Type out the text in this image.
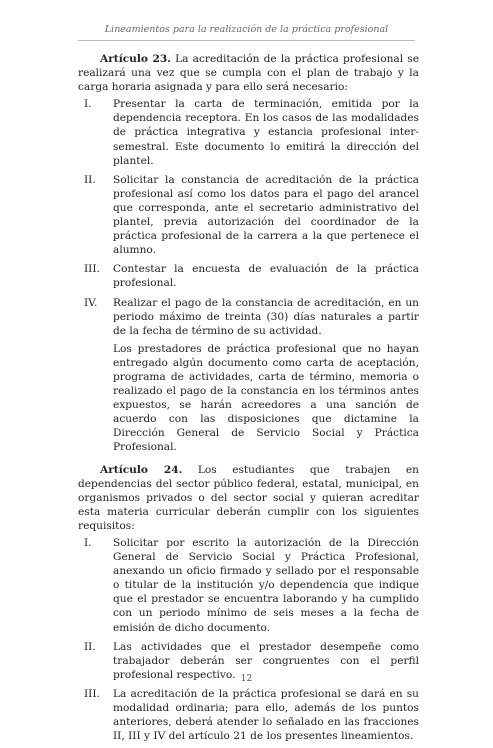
Lineamientos para la realización de la práctica profesional

Artículo 23. La acreditación de la práctica profesional se realizará una vez que se cumpla con el plan de trabajo y la carga horaria asignada y para ello será necesario:

I.	Presentar la carta de terminación, emitida por la dependencia receptora. En los casos de las modalidades de práctica integrativa y estancia profesional inter-semestral. Este documento lo emitirá la dirección del plantel.
II.	Solicitar la constancia de acreditación de la práctica profesional así como los datos para el pago del arancel que corresponda, ante el secretario administrativo del plantel, previa autorización del coordinador de la práctica profesional de la carrera a la que pertenece el alumno.
III.	Contestar la encuesta de evaluación de la práctica profesional.
IV.	Realizar el pago de la constancia de acreditación, en un periodo máximo de treinta (30) días naturales a partir de la fecha de término de su actividad.

Los prestadores de práctica profesional que no hayan entregado algún documento como carta de aceptación, programa de actividades, carta de término, memoria o realizado el pago de la constancia en los términos antes expuestos, se harán acreedores a una sanción de acuerdo con las disposiciones que dictamine la Dirección General de Servicio Social y Práctica Profesional.

Artículo 24. Los estudiantes que trabajen en dependencias del sector público federal, estatal, municipal, en organismos privados o del sector social y quieran acreditar esta materia curricular deberán cumplir con los siguientes requisitos:

I.	Solicitar por escrito la autorización de la Dirección General de Servicio Social y Práctica Profesional, anexando un oficio firmado y sellado por el responsable o titular de la institución y/o dependencia que indique que el prestador se encuentra laborando y ha cumplido con un periodo mínimo de seis meses a la fecha de emisión de dicho documento.
II.	Las actividades que el prestador desempeñe como trabajador deberán ser congruentes con el perfil profesional respectivo.
III.	La acreditación de la práctica profesional se dará en su modalidad ordinaria; para ello, además de los puntos anteriores, deberá atender lo señalado en las fracciones II, III y IV del artículo 21 de los presentes lineamientos.
12
